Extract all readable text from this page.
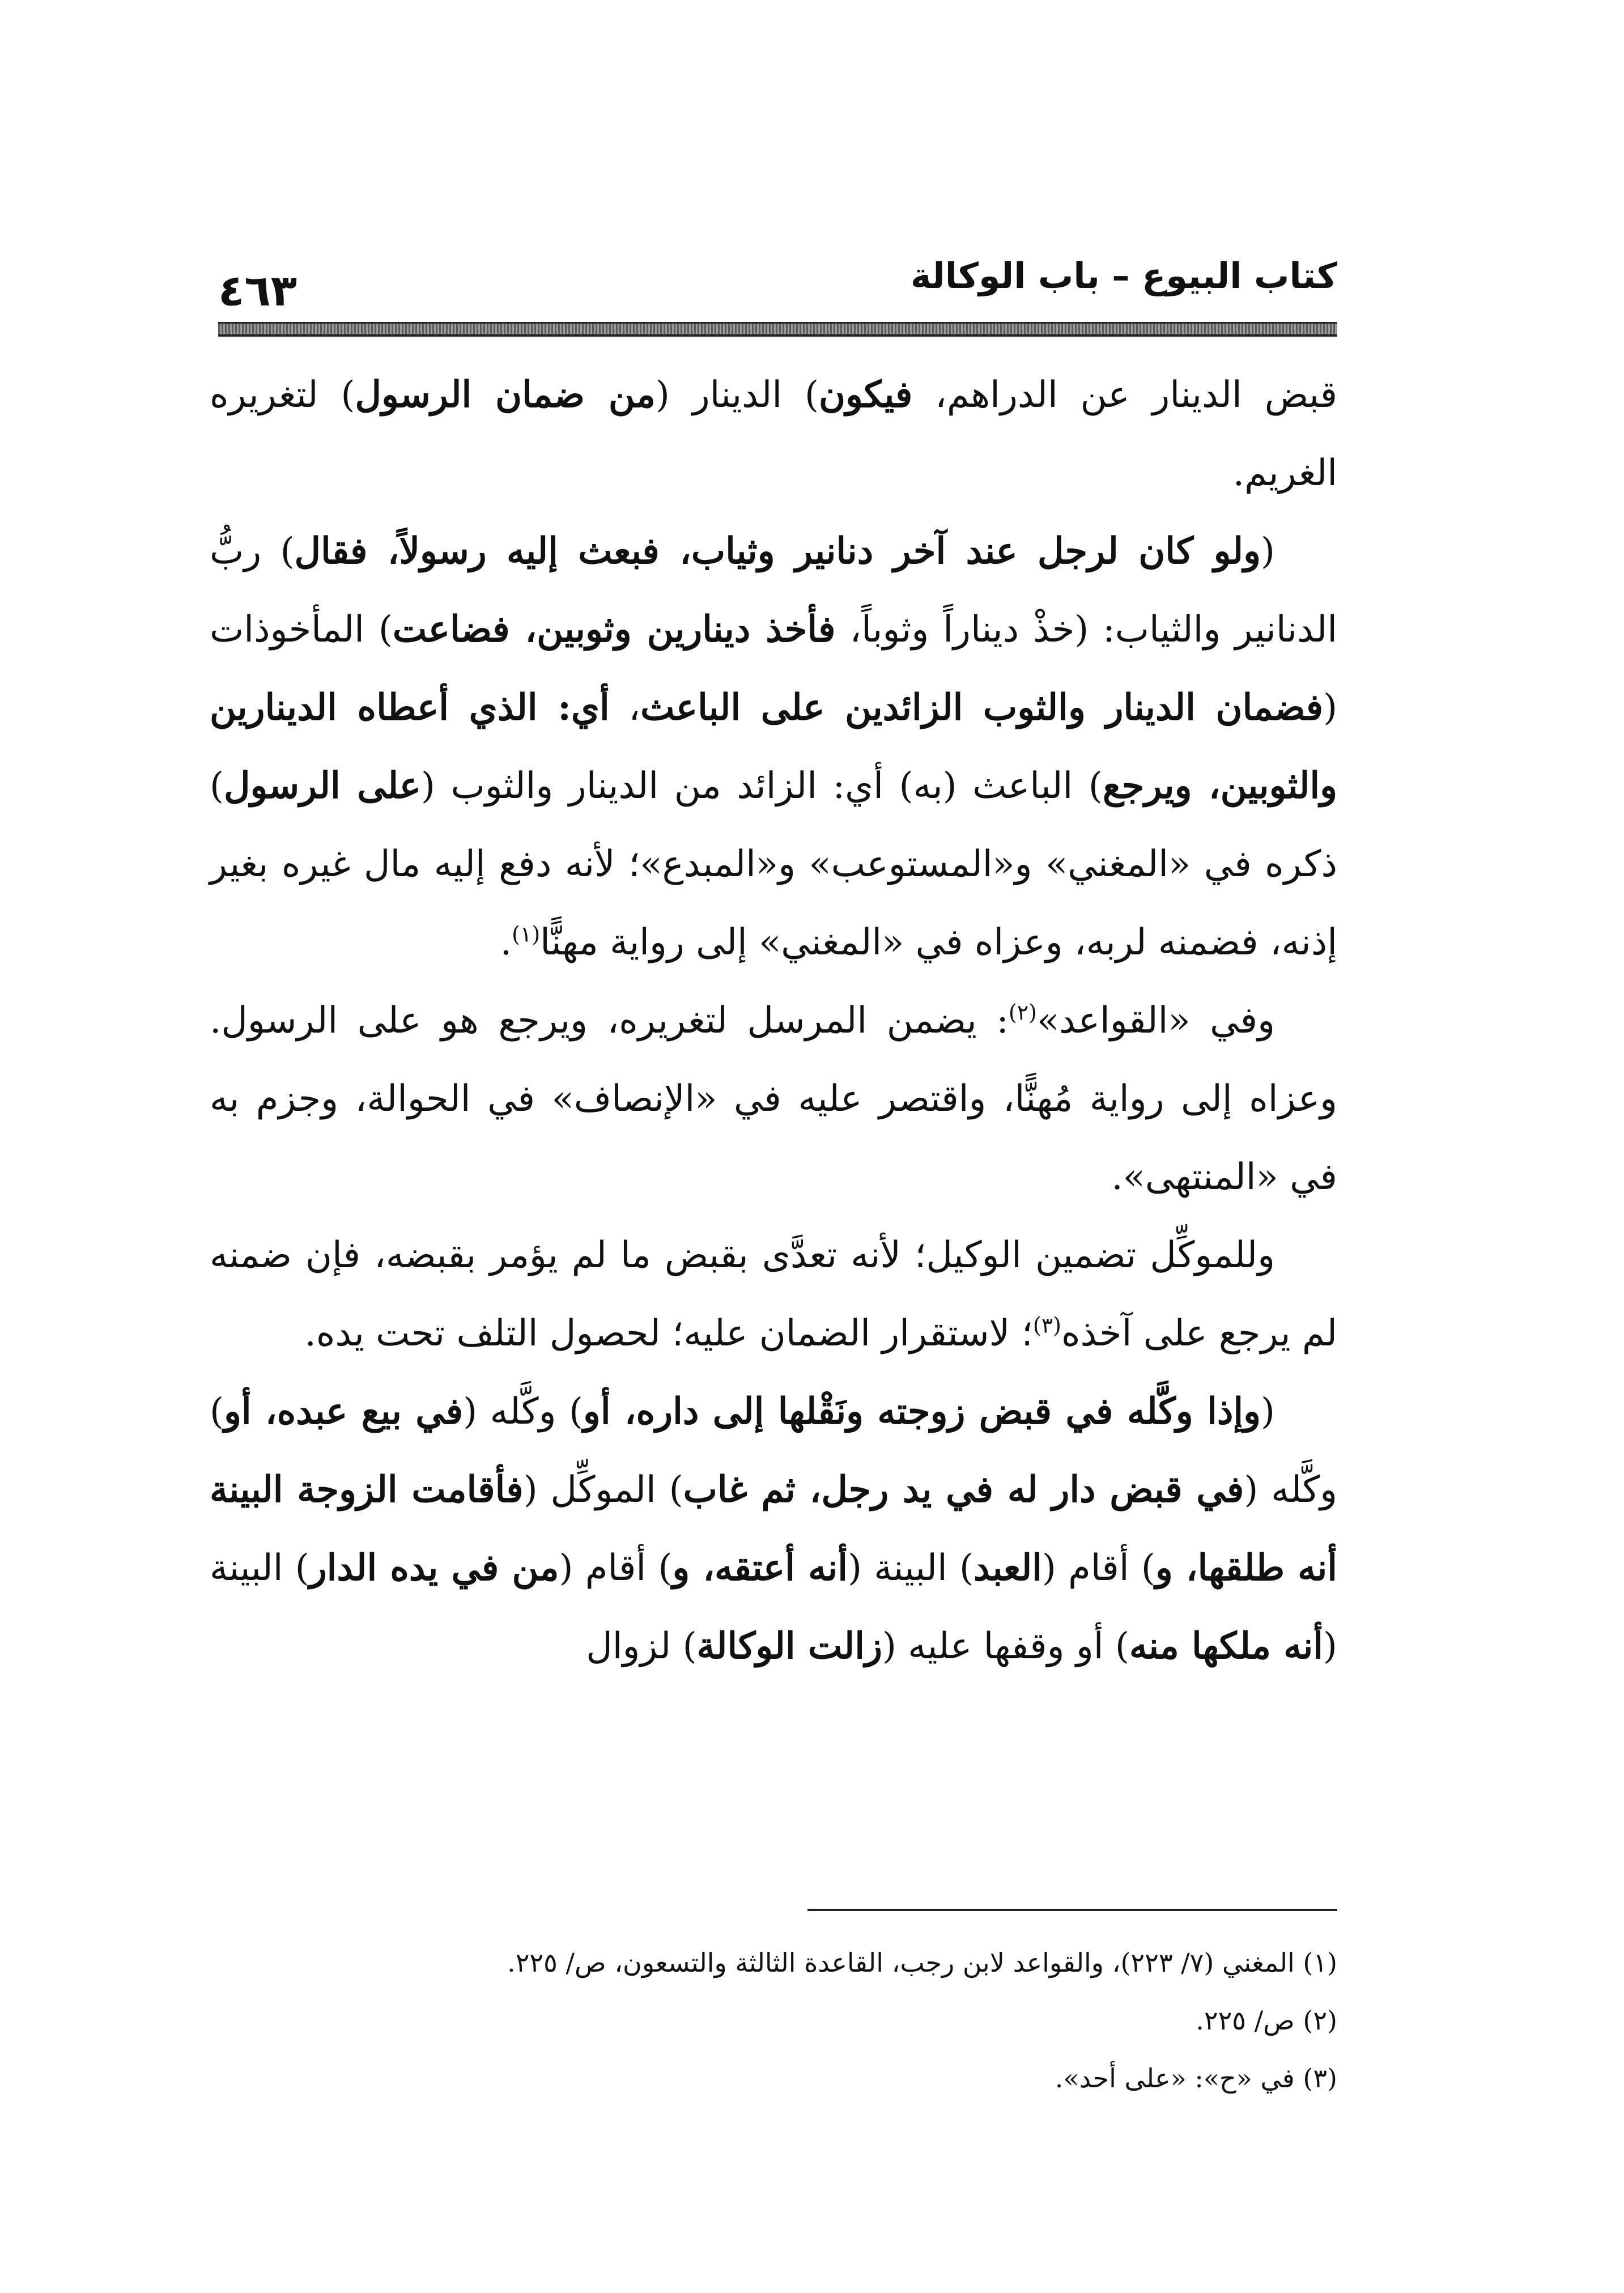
٤٦٣	كتاب البيوع – باب الوكالة

قبض الدينار عن الدراهم، فيكون) الدينار (من ضمان الرسول) لتغريره الغريم.

(ولو كان لرجل عند آخر دنانير وثياب، فبعث إليه رسولاً، فقال) ربُّ الدنانير والثياب: (خذْ ديناراً وثوباً، فأخذ دينارين وثوبين، فضاعت) المأخوذات (فضمان الدينار والثوب الزائدين على الباعث، أي: الذي أعطاه الدينارين والثوبين، ويرجع) الباعث (به) أي: الزائد من الدينار والثوب (على الرسول) ذكره في «المغني» و«المستوعب» و«المبدع»؛ لأنه دفع إليه مال غيره بغير إذنه، فضمنه لربه، وعزاه في «المغني» إلى رواية مهنًّا$^{(١)}$.

وفي «القواعد»$^{(٢)}$: يضمن المرسل لتغريره، ويرجع هو على الرسول. وعزاه إلى رواية مُهنًّا، واقتصر عليه في «الإنصاف» في الحوالة، وجزم به في «المنتهى».

وللموكِّل تضمين الوكيل؛ لأنه تعدَّى بقبض ما لم يؤمر بقبضه، فإن ضمنه لم يرجع على آخذه$^{(٣)}$؛ لاستقرار الضمان عليه؛ لحصول التلف تحت يده.

(وإذا وكَّله في قبض زوجته ونَقْلها إلى داره، أو) وكَّله (في بيع عبده، أو) وكَّله (في قبض دار له في يد رجل، ثم غاب) الموكِّل (فأقامت الزوجة البينة أنه طلقها، و) أقام (العبد) البينة (أنه أعتقه، و) أقام (من في يده الدار) البينة (أنه ملكها منه) أو وقفها عليه (زالت الوكالة) لزوال

(١) المغني (٧/ ٢٢٣)، والقواعد لابن رجب، القاعدة الثالثة والتسعون، ص/ ٢٢٥.

(٢) ص/ ٢٢٥.

(٣) في «ح»: «على أحد».
